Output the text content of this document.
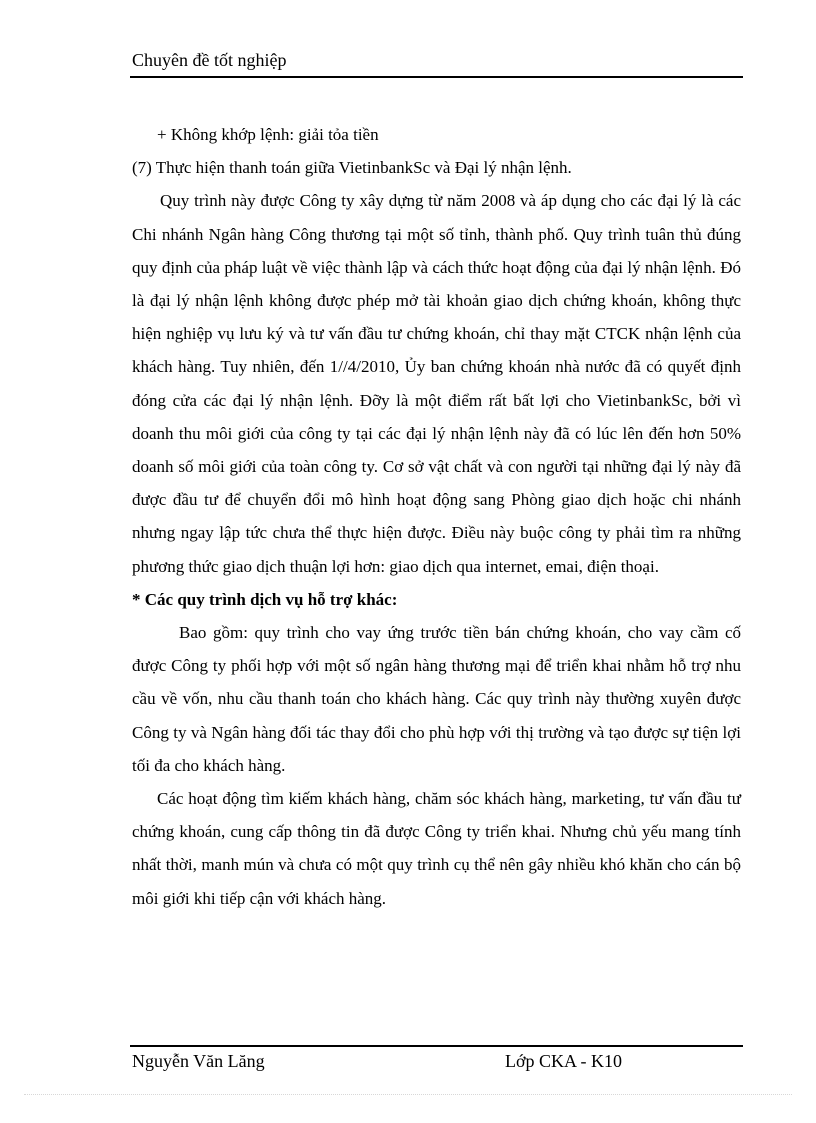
Chuyên đề tốt nghiệp

+ Không khớp lệnh: giải tỏa tiền

(7) Thực hiện thanh toán giữa VietinbankSc và Đại lý nhận lệnh.

Quy trình này được Công ty xây dựng từ năm 2008 và áp dụng cho các đại lý là các Chi nhánh Ngân hàng Công thương tại một số tỉnh, thành phố. Quy trình tuân thủ đúng quy định của pháp luật về việc thành lập và cách thức hoạt động của đại lý nhận lệnh. Đó là đại lý nhận lệnh không được phép mở tài khoản giao dịch chứng khoán, không thực hiện nghiệp vụ lưu ký và tư vấn đầu tư chứng khoán, chỉ thay mặt CTCK nhận lệnh của khách hàng. Tuy nhiên, đến 1//4/2010, Ủy ban chứng khoán nhà nước đã có quyết định đóng cửa các đại lý nhận lệnh. Đỡy là một điểm rất bất lợi cho VietinbankSc, bởi vì doanh thu môi giới của công ty tại các đại lý nhận lệnh này đã có lúc lên đến hơn 50% doanh số môi giới của toàn công ty. Cơ sở vật chất và con người tại những đại lý này đã được đầu tư để chuyển đổi mô hình hoạt động sang Phòng giao dịch hoặc chi nhánh nhưng ngay lập tức chưa thể thực hiện được. Điều này buộc công ty phải tìm ra những phương thức giao dịch thuận lợi hơn: giao dịch qua internet, emai, điện thoại.

* Các quy trình dịch vụ hỗ trợ khác:

Bao gồm: quy trình cho vay ứng trước tiền bán chứng khoán, cho vay cầm cố được Công ty phối hợp với một số ngân hàng thương mại để triển khai nhằm hỗ trợ nhu cầu về vốn, nhu cầu thanh toán cho khách hàng. Các quy trình này thường xuyên được Công ty và Ngân hàng đối tác thay đổi cho phù hợp với thị trường và tạo được sự tiện lợi tối đa cho khách hàng.

Các hoạt động tìm kiếm khách hàng, chăm sóc khách hàng, marketing, tư vấn đầu tư chứng khoán, cung cấp thông tin đã được Công ty triển khai. Nhưng chủ yếu mang tính nhất thời, manh mún và chưa có một quy trình cụ thể nên gây nhiều khó khăn cho cán bộ môi giới khi tiếp cận với khách hàng.

Nguyễn Văn Lăng	Lớp CKA - K10
